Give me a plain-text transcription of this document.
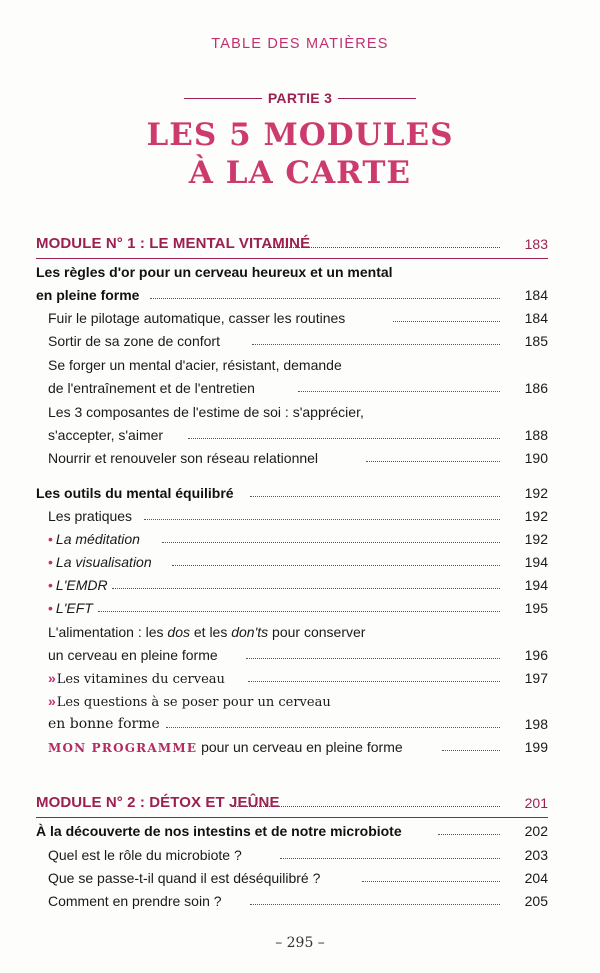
TABLE DES MATIÈRES
PARTIE 3
LES 5 MODULES
À LA CARTE
MODULE N° 1 : LE MENTAL VITAMINÉ	183
Les règles d'or pour un cerveau heureux et un mental
en pleine forme	184
Fuir le pilotage automatique, casser les routines	184
Sortir de sa zone de confort	185
Se forger un mental d'acier, résistant, demande
de l'entraînement et de l'entretien	186
Les 3 composantes de l'estime de soi : s'apprécier,
s'accepter, s'aimer	188
Nourrir et renouveler son réseau relationnel	190
Les outils du mental équilibré	192
Les pratiques	192
• La méditation	192
• La visualisation	194
• L'EMDR	194
• L'EFT	195
L'alimentation : les dos et les don'ts pour conserver
un cerveau en pleine forme	196
»Les vitamines du cerveau	197
»Les questions à se poser pour un cerveau
en bonne forme	198
MON PROGRAMME pour un cerveau en pleine forme	199
MODULE N° 2 : DÉTOX ET JEÛNE	201
À la découverte de nos intestins et de notre microbiote	202
Quel est le rôle du microbiote ?	203
Que se passe-t-il quand il est déséquilibré ?	204
Comment en prendre soin ?	205
– 295 –
